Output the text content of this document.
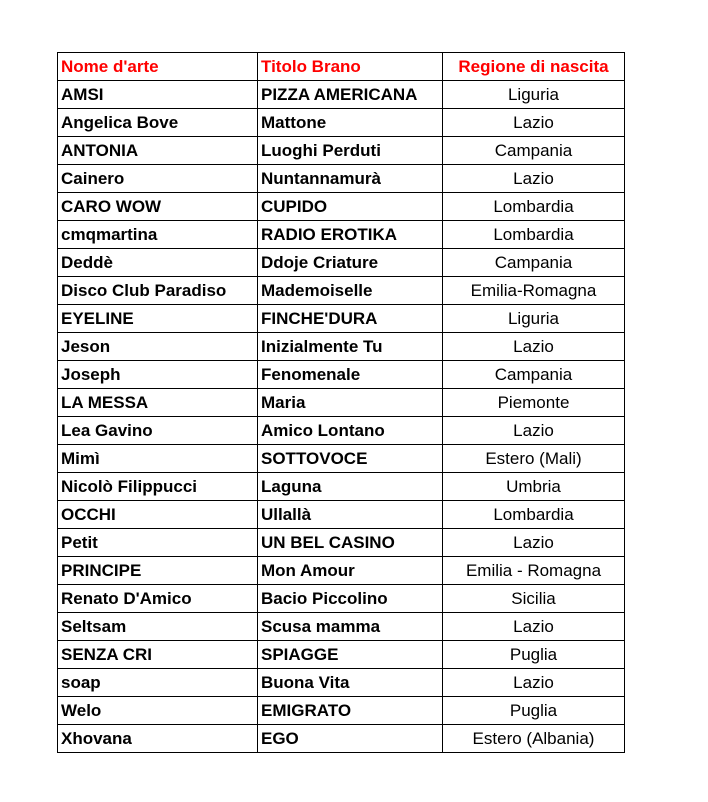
Nome d'arte	Titolo Brano	Regione di nascita
AMSI	PIZZA AMERICANA	Liguria
Angelica Bove	Mattone	Lazio
ANTONIA	Luoghi Perduti	Campania
Cainero	Nuntannamurà	Lazio
CARO WOW	CUPIDO	Lombardia
cmqmartina	RADIO EROTIKA	Lombardia
Deddè	Ddoje Criature	Campania
Disco Club Paradiso	Mademoiselle	Emilia-Romagna
EYELINE	FINCHE'DURA	Liguria
Jeson	Inizialmente Tu	Lazio
Joseph	Fenomenale	Campania
LA MESSA	Maria	Piemonte
Lea Gavino	Amico Lontano	Lazio
Mimì	SOTTOVOCE	Estero (Mali)
Nicolò Filippucci	Laguna	Umbria
OCCHI	Ullallà	Lombardia
Petit	UN BEL CASINO	Lazio
PRINCIPE	Mon Amour	Emilia - Romagna
Renato D'Amico	Bacio Piccolino	Sicilia
Seltsam	Scusa mamma	Lazio
SENZA CRI	SPIAGGE	Puglia
soap	Buona Vita	Lazio
Welo	EMIGRATO	Puglia
Xhovana	EGO	Estero (Albania)
